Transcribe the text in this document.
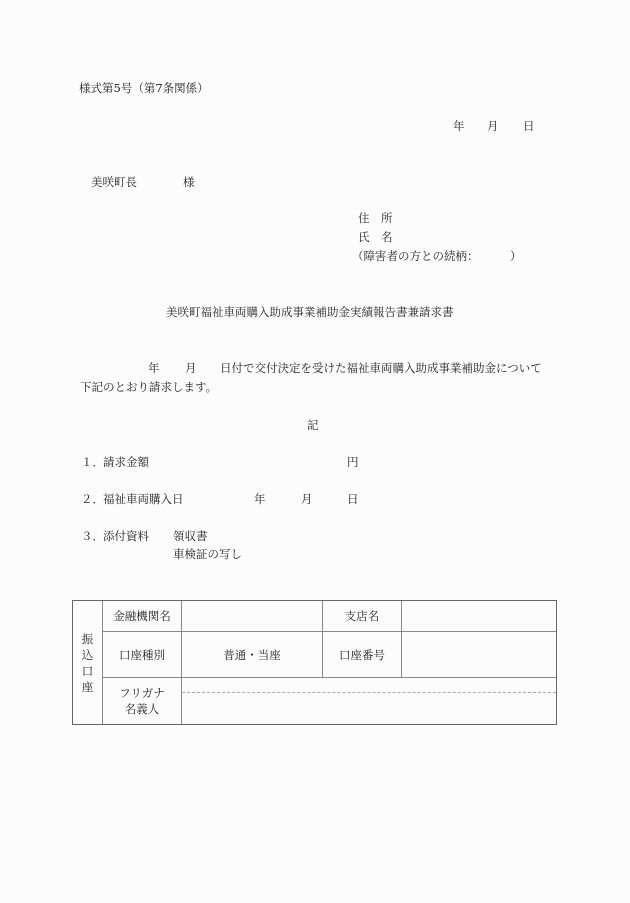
様式第5号（第7条関係）
年 月 日
美咲町長	様
住　所
氏　名
（障害者の方との続柄：	）
美咲町福祉車両購入助成事業補助金実績報告書兼請求書
年 月 日付で交付決定を受けた福祉車両購入助成事業補助金について
下記のとおり請求します。
記
１． 請求金額	円
２． 福祉車両購入日	年	月	日
３． 添付資料 領収書
車検証の写し
振
込
口
座
金融機関名	支店名
口座種別	普通・当座	口座番号
フリガナ
名義人
